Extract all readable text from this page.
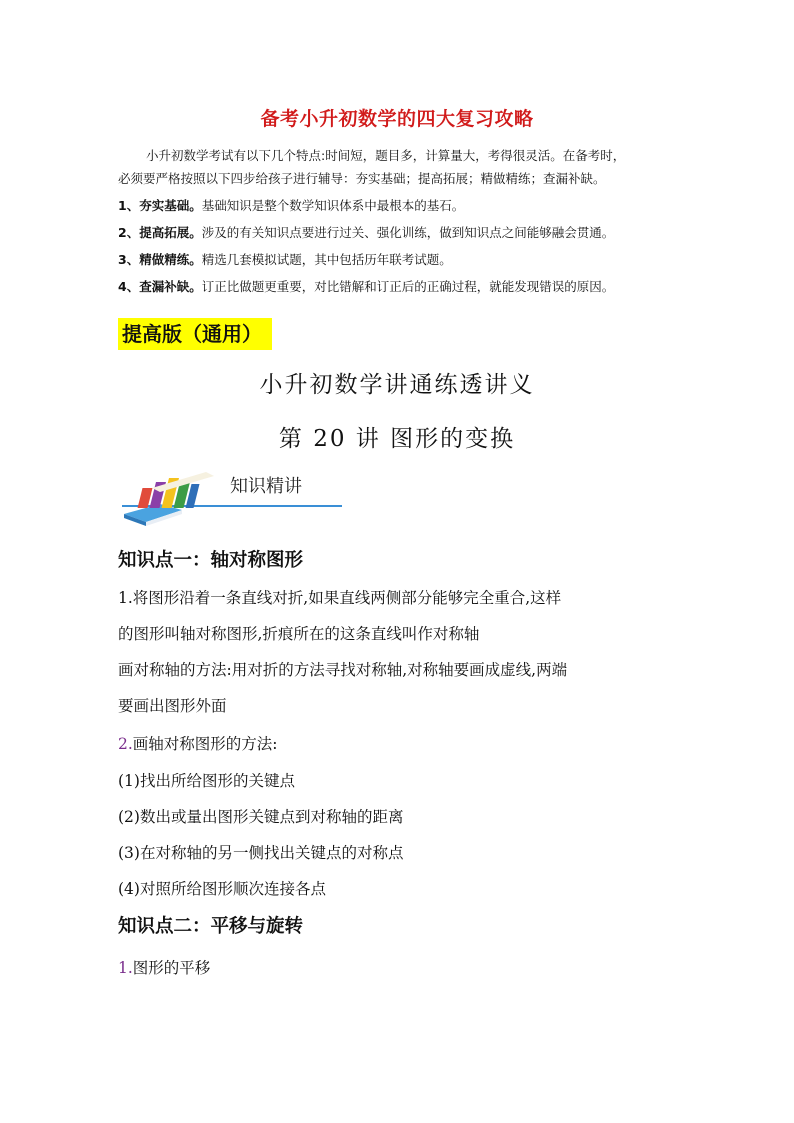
备考小升初数学的四大复习攻略
小升初数学考试有以下几个特点:时间短，题目多，计算量大，考得很灵活。在备考时，
必须要严格按照以下四步给孩子进行辅导：夯实基础；提高拓展；精做精练；查漏补缺。
1、夯实基础。基础知识是整个数学知识体系中最根本的基石。
2、提高拓展。涉及的有关知识点要进行过关、强化训练，做到知识点之间能够融会贯通。
3、精做精练。精选几套模拟试题，其中包括历年联考试题。
4、查漏补缺。订正比做题更重要，对比错解和订正后的正确过程，就能发现错误的原因。
提高版（通用）
小升初数学讲通练透讲义
第 20 讲 图形的变换
知识精讲
知识点一：轴对称图形
1.将图形沿着一条直线对折,如果直线两侧部分能够完全重合,这样
的图形叫轴对称图形,折痕所在的这条直线叫作对称轴
画对称轴的方法:用对折的方法寻找对称轴,对称轴要画成虚线,两端
要画出图形外面
2.画轴对称图形的方法:
(1)找出所给图形的关键点
(2)数出或量出图形关键点到对称轴的距离
(3)在对称轴的另一侧找出关键点的对称点
(4)对照所给图形顺次连接各点
知识点二：平移与旋转
1.图形的平移
